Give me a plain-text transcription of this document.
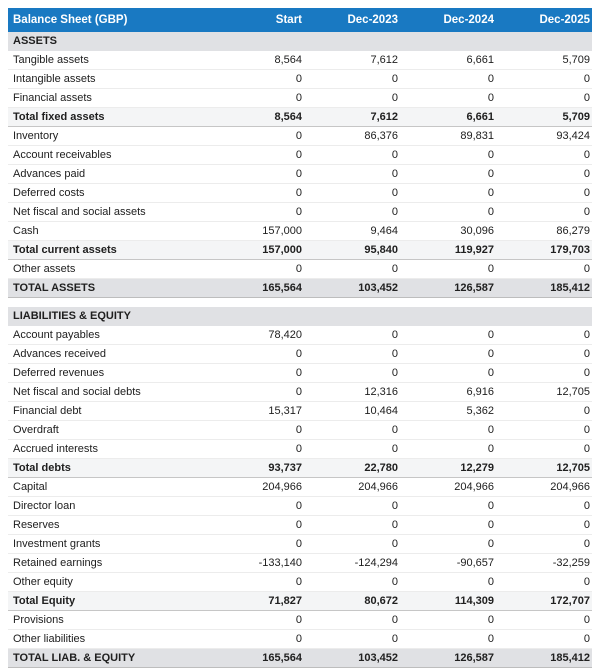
Balance Sheet (GBP)	Start	Dec-2023	Dec-2024	Dec-2025
ASSETS				
Tangible assets	8,564	7,612	6,661	5,709
Intangible assets	0	0	0	0
Financial assets	0	0	0	0
Total fixed assets	8,564	7,612	6,661	5,709
Inventory	0	86,376	89,831	93,424
Account receivables	0	0	0	0
Advances paid	0	0	0	0
Deferred costs	0	0	0	0
Net fiscal and social assets	0	0	0	0
Cash	157,000	9,464	30,096	86,279
Total current assets	157,000	95,840	119,927	179,703
Other assets	0	0	0	0
TOTAL ASSETS	165,564	103,452	126,587	185,412

LIABILITIES & EQUITY				
Account payables	78,420	0	0	0
Advances received	0	0	0	0
Deferred revenues	0	0	0	0
Net fiscal and social debts	0	12,316	6,916	12,705
Financial debt	15,317	10,464	5,362	0
Overdraft	0	0	0	0
Accrued interests	0	0	0	0
Total debts	93,737	22,780	12,279	12,705
Capital	204,966	204,966	204,966	204,966
Director loan	0	0	0	0
Reserves	0	0	0	0
Investment grants	0	0	0	0
Retained earnings	-133,140	-124,294	-90,657	-32,259
Other equity	0	0	0	0
Total Equity	71,827	80,672	114,309	172,707
Provisions	0	0	0	0
Other liabilities	0	0	0	0
TOTAL LIAB. & EQUITY	165,564	103,452	126,587	185,412
